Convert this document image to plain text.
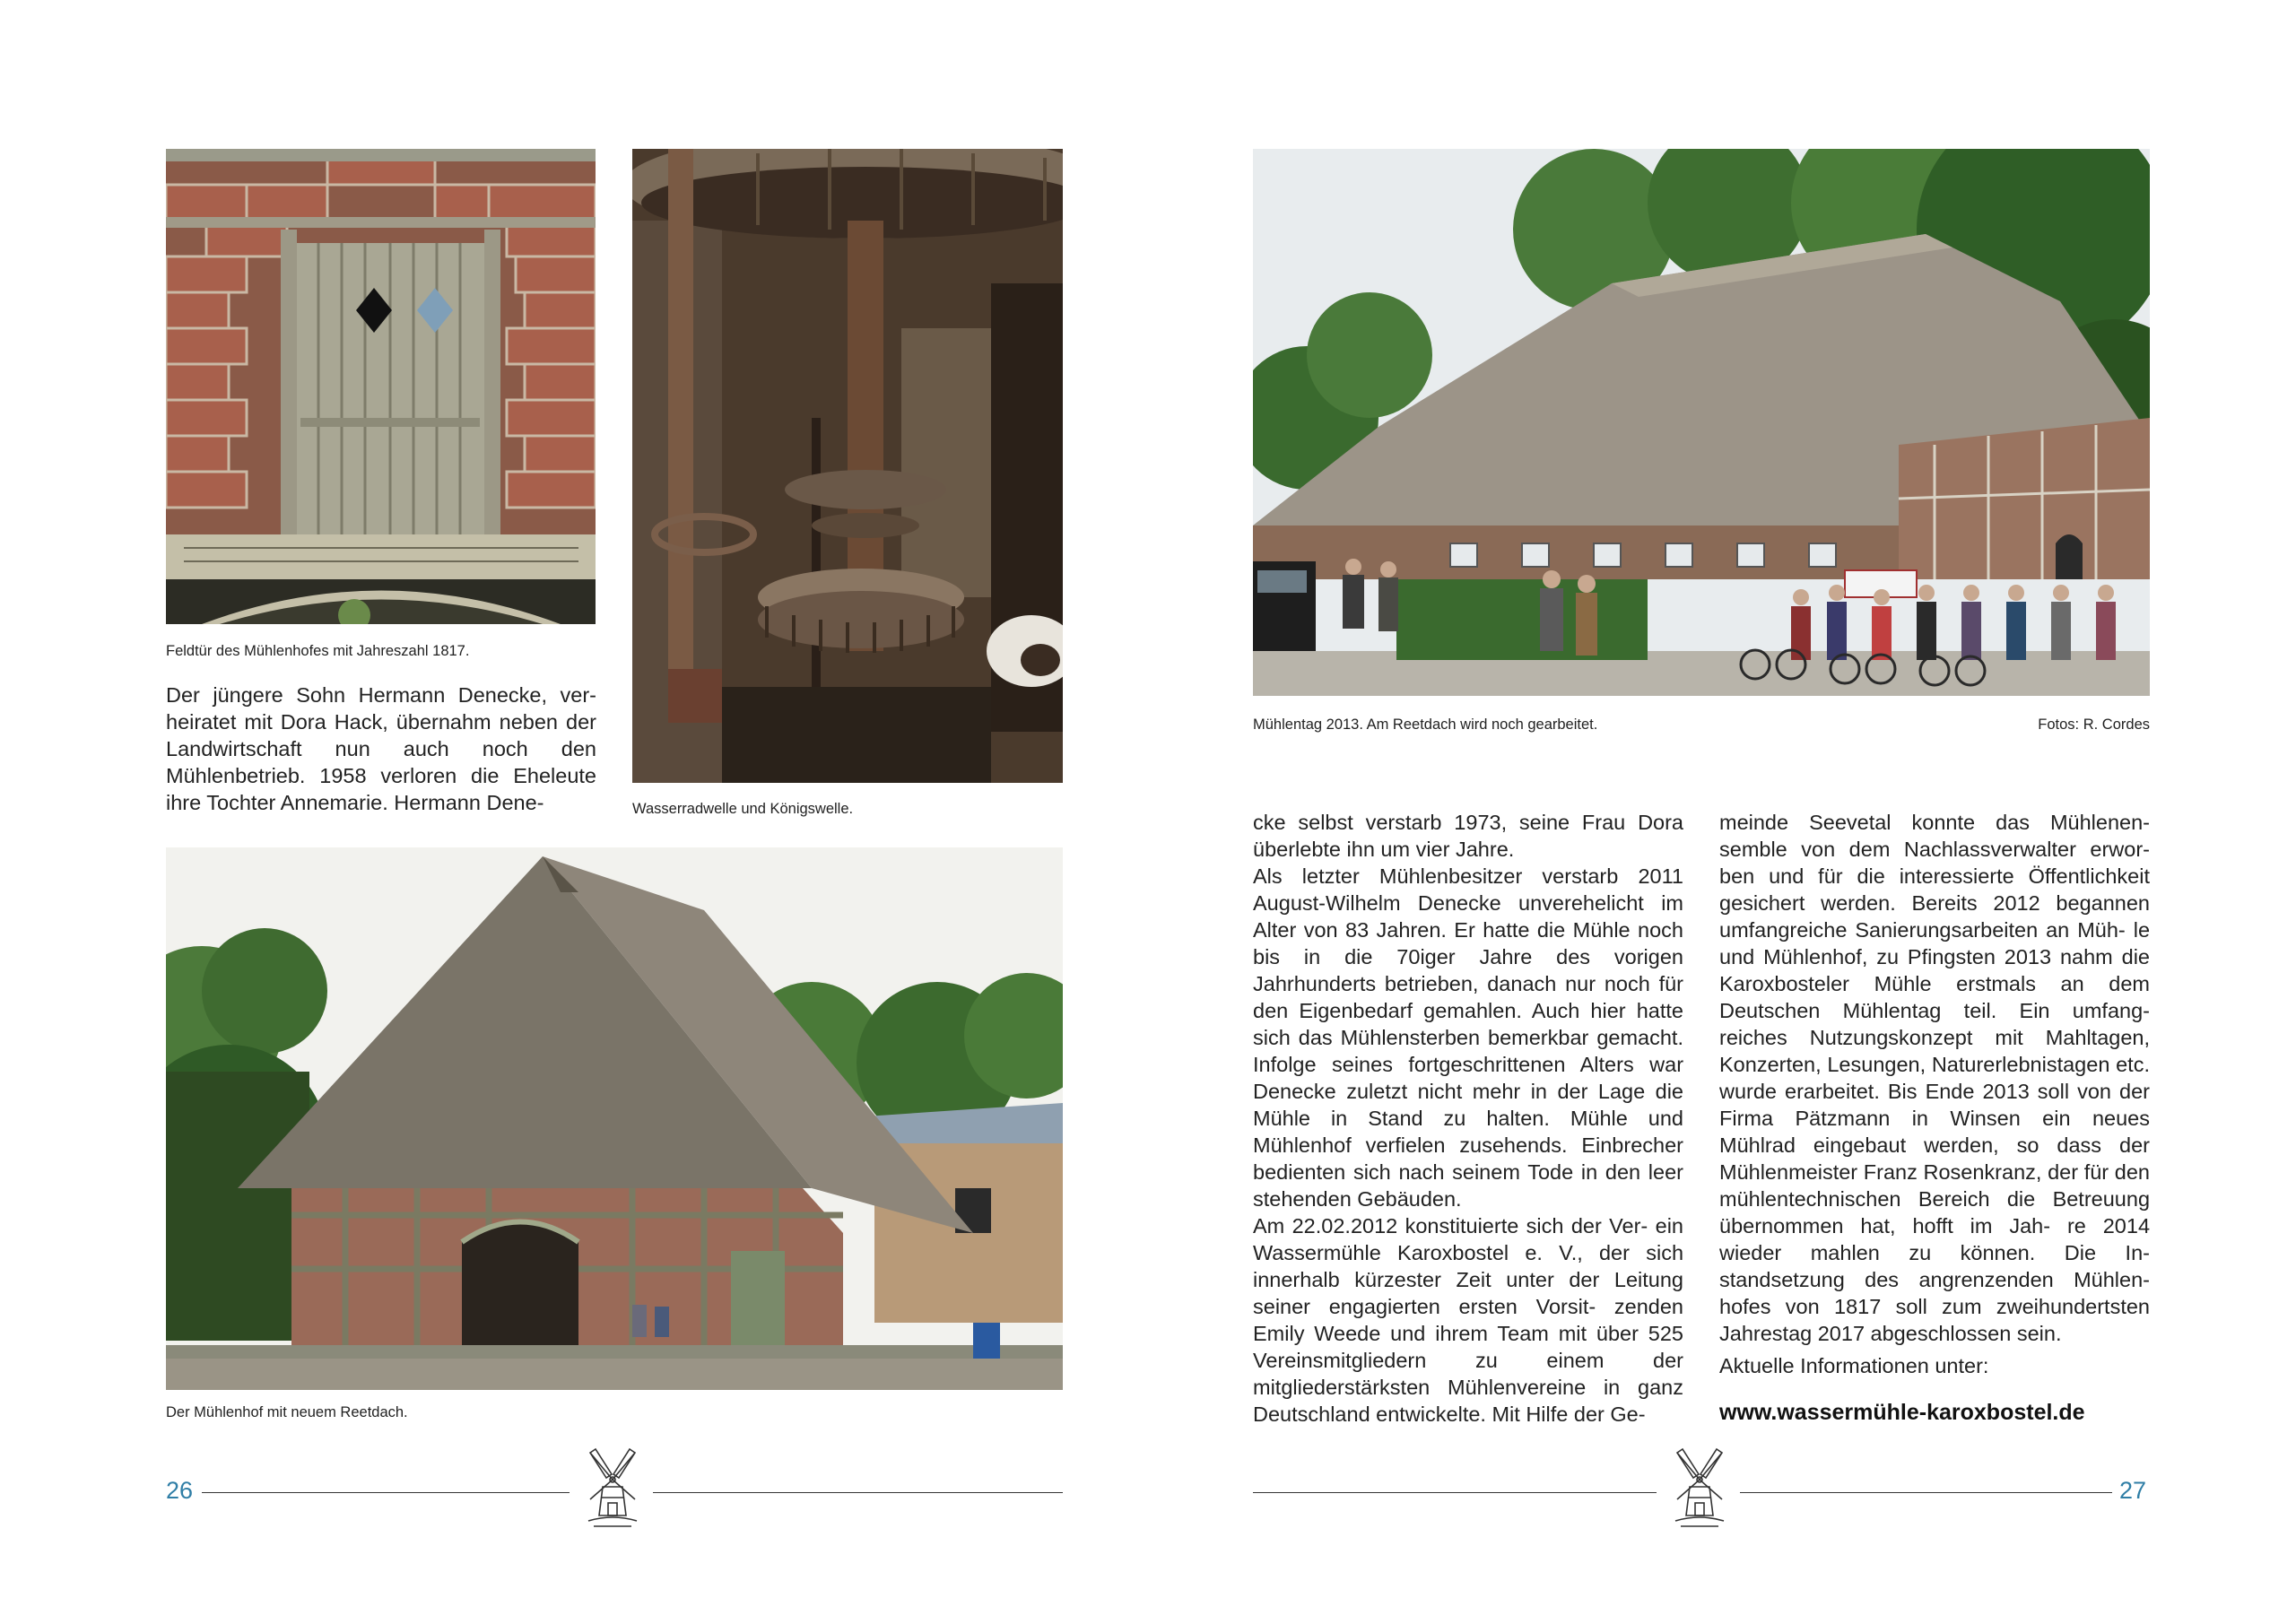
Feldtür des Mühlenhofes mit Jahreszahl 1817.
Wasserradwelle und Königswelle.

Der jüngere Sohn Hermann Denecke, ver- heiratet mit Dora Hack, übernahm neben der Landwirtschaft nun auch noch den Mühlenbetrieb. 1958 verloren die Eheleute ihre Tochter Annemarie. Hermann Dene-

Der Mühlenhof mit neuem Reetdach.
26
Mühlentag 2013. Am Reetdach wird noch gearbeitet.	Fotos: R. Cordes

cke selbst verstarb 1973, seine Frau Dora überlebte ihn um vier Jahre.

Als letzter Mühlenbesitzer verstarb 2011 August-Wilhelm Denecke unverehelicht im Alter von 83 Jahren. Er hatte die Mühle noch bis in die 70iger Jahre des vorigen Jahrhunderts betrieben, danach nur noch für den Eigenbedarf gemahlen. Auch hier hatte sich das Mühlensterben bemerkbar gemacht. Infolge seines fortgeschrittenen Alters war Denecke zuletzt nicht mehr in der Lage die Mühle in Stand zu halten. Mühle und Mühlenhof verfielen zusehends. Einbrecher bedienten sich nach seinem Tode in den leer stehenden Gebäuden.

Am 22.02.2012 konstituierte sich der Ver- ein Wassermühle Karoxbostel e. V., der sich innerhalb kürzester Zeit unter der Leitung seiner engagierten ersten Vorsit- zenden Emily Weede und ihrem Team mit über 525 Vereinsmitgliedern zu einem der mitgliederstärksten Mühlenvereine in ganz Deutschland entwickelte. Mit Hilfe der Ge-

meinde Seevetal konnte das Mühlenen- semble von dem Nachlassverwalter erwor- ben und für die interessierte Öffentlichkeit gesichert werden. Bereits 2012 begannen umfangreiche Sanierungsarbeiten an Müh- le und Mühlenhof, zu Pfingsten 2013 nahm die Karoxbosteler Mühle erstmals an dem Deutschen Mühlentag teil. Ein umfang- reiches Nutzungskonzept mit Mahltagen, Konzerten, Lesungen, Naturerlebnistagen etc. wurde erarbeitet. Bis Ende 2013 soll von der Firma Pätzmann in Winsen ein neues Mühlrad eingebaut werden, so dass der Mühlenmeister Franz Rosenkranz, der für den mühlentechnischen Bereich die Betreuung übernommen hat, hofft im Jah- re 2014 wieder mahlen zu können. Die In- standsetzung des angrenzenden Mühlen- hofes von 1817 soll zum zweihundertsten Jahrestag 2017 abgeschlossen sein.

Aktuelle Informationen unter:

www.wassermühle-karoxbostel.de
27
